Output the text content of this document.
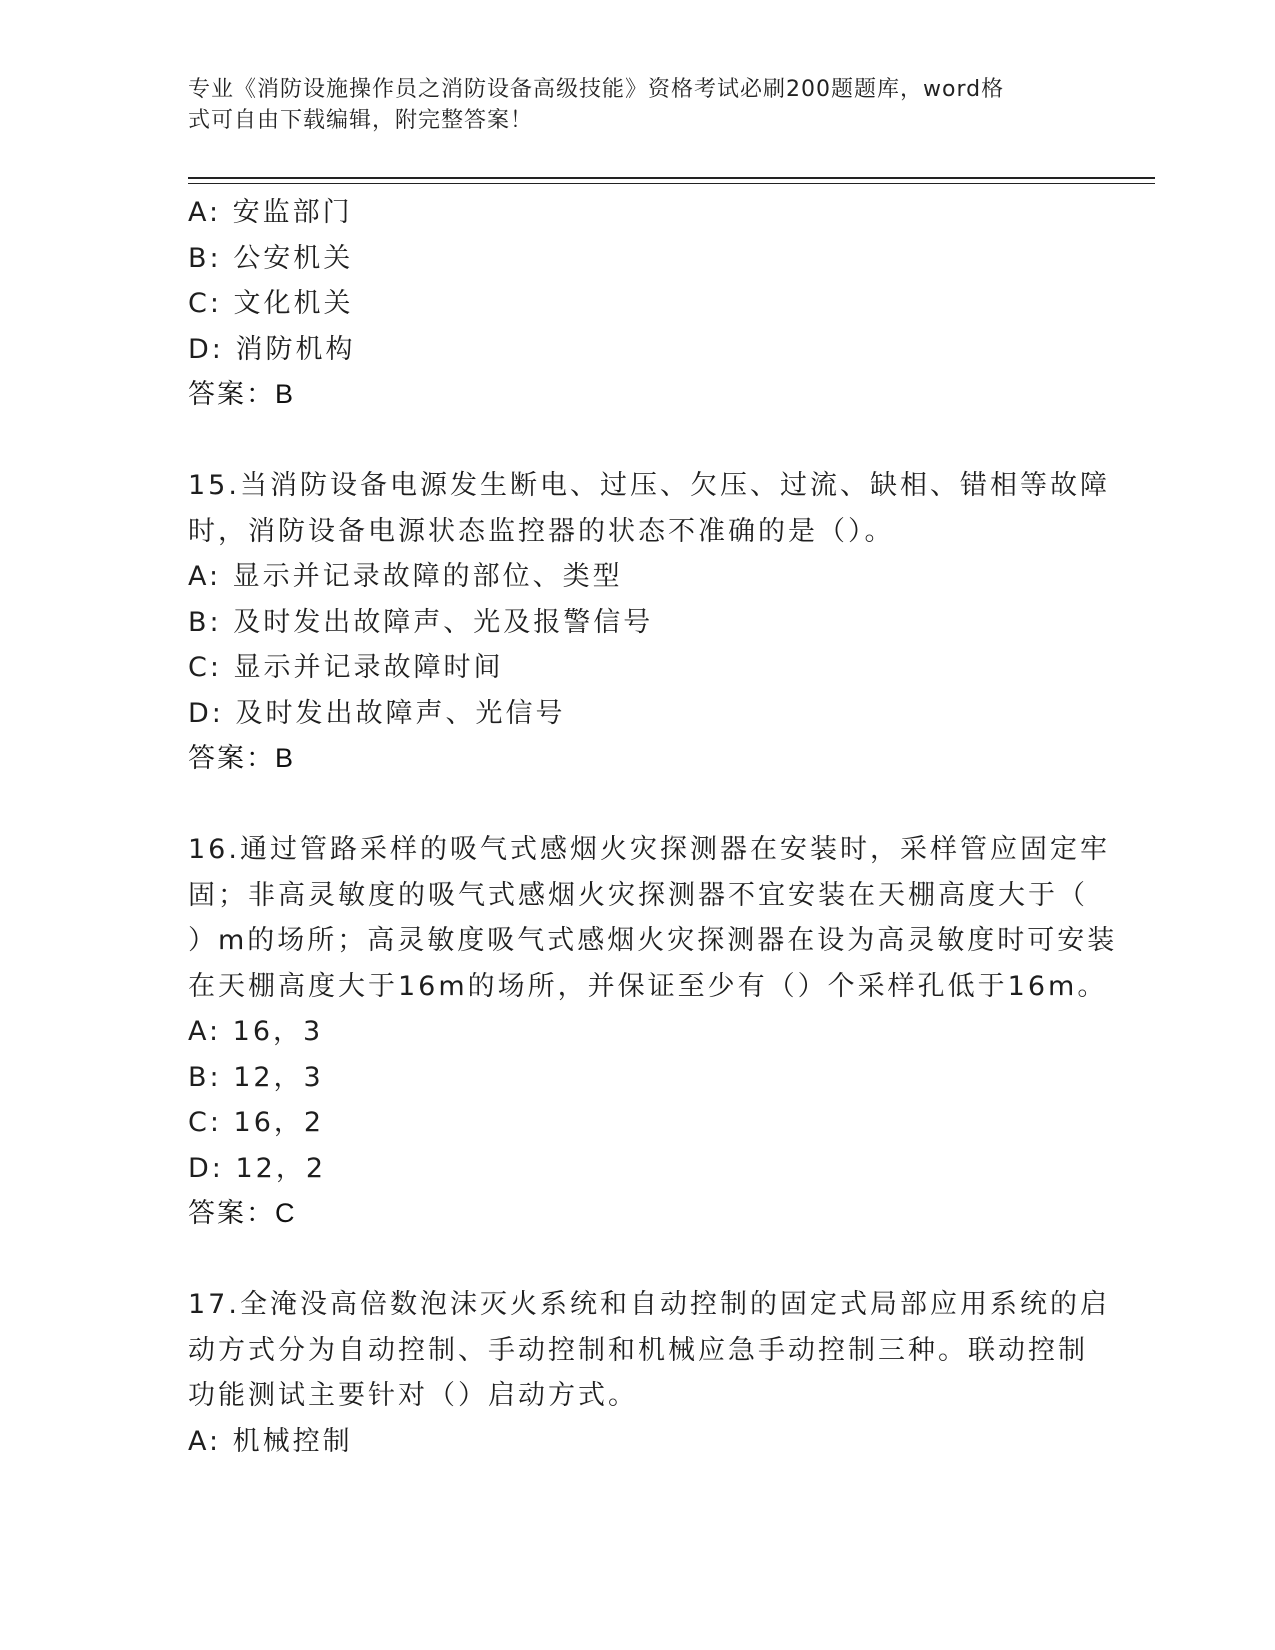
专业《消防设施操作员之消防设备高级技能》资格考试必刷200题题库，word格
式可自由下载编辑，附完整答案！
A: 安监部门
B: 公安机关
C: 文化机关
D: 消防机构
答案：B
15.当消防设备电源发生断电、过压、欠压、过流、缺相、错相等故障
时，消防设备电源状态监控器的状态不准确的是（）。
A: 显示并记录故障的部位、类型
B: 及时发出故障声、光及报警信号
C: 显示并记录故障时间
D: 及时发出故障声、光信号
答案：B
16.通过管路采样的吸气式感烟火灾探测器在安装时，采样管应固定牢
固；非高灵敏度的吸气式感烟火灾探测器不宜安装在天棚高度大于（
）m的场所；高灵敏度吸气式感烟火灾探测器在设为高灵敏度时可安装
在天棚高度大于16m的场所，并保证至少有（）个采样孔低于16m。
A: 16，3
B: 12，3
C: 16，2
D: 12，2
答案：C
17.全淹没高倍数泡沫灭火系统和自动控制的固定式局部应用系统的启
动方式分为自动控制、手动控制和机械应急手动控制三种。联动控制
功能测试主要针对（）启动方式。
A: 机械控制
